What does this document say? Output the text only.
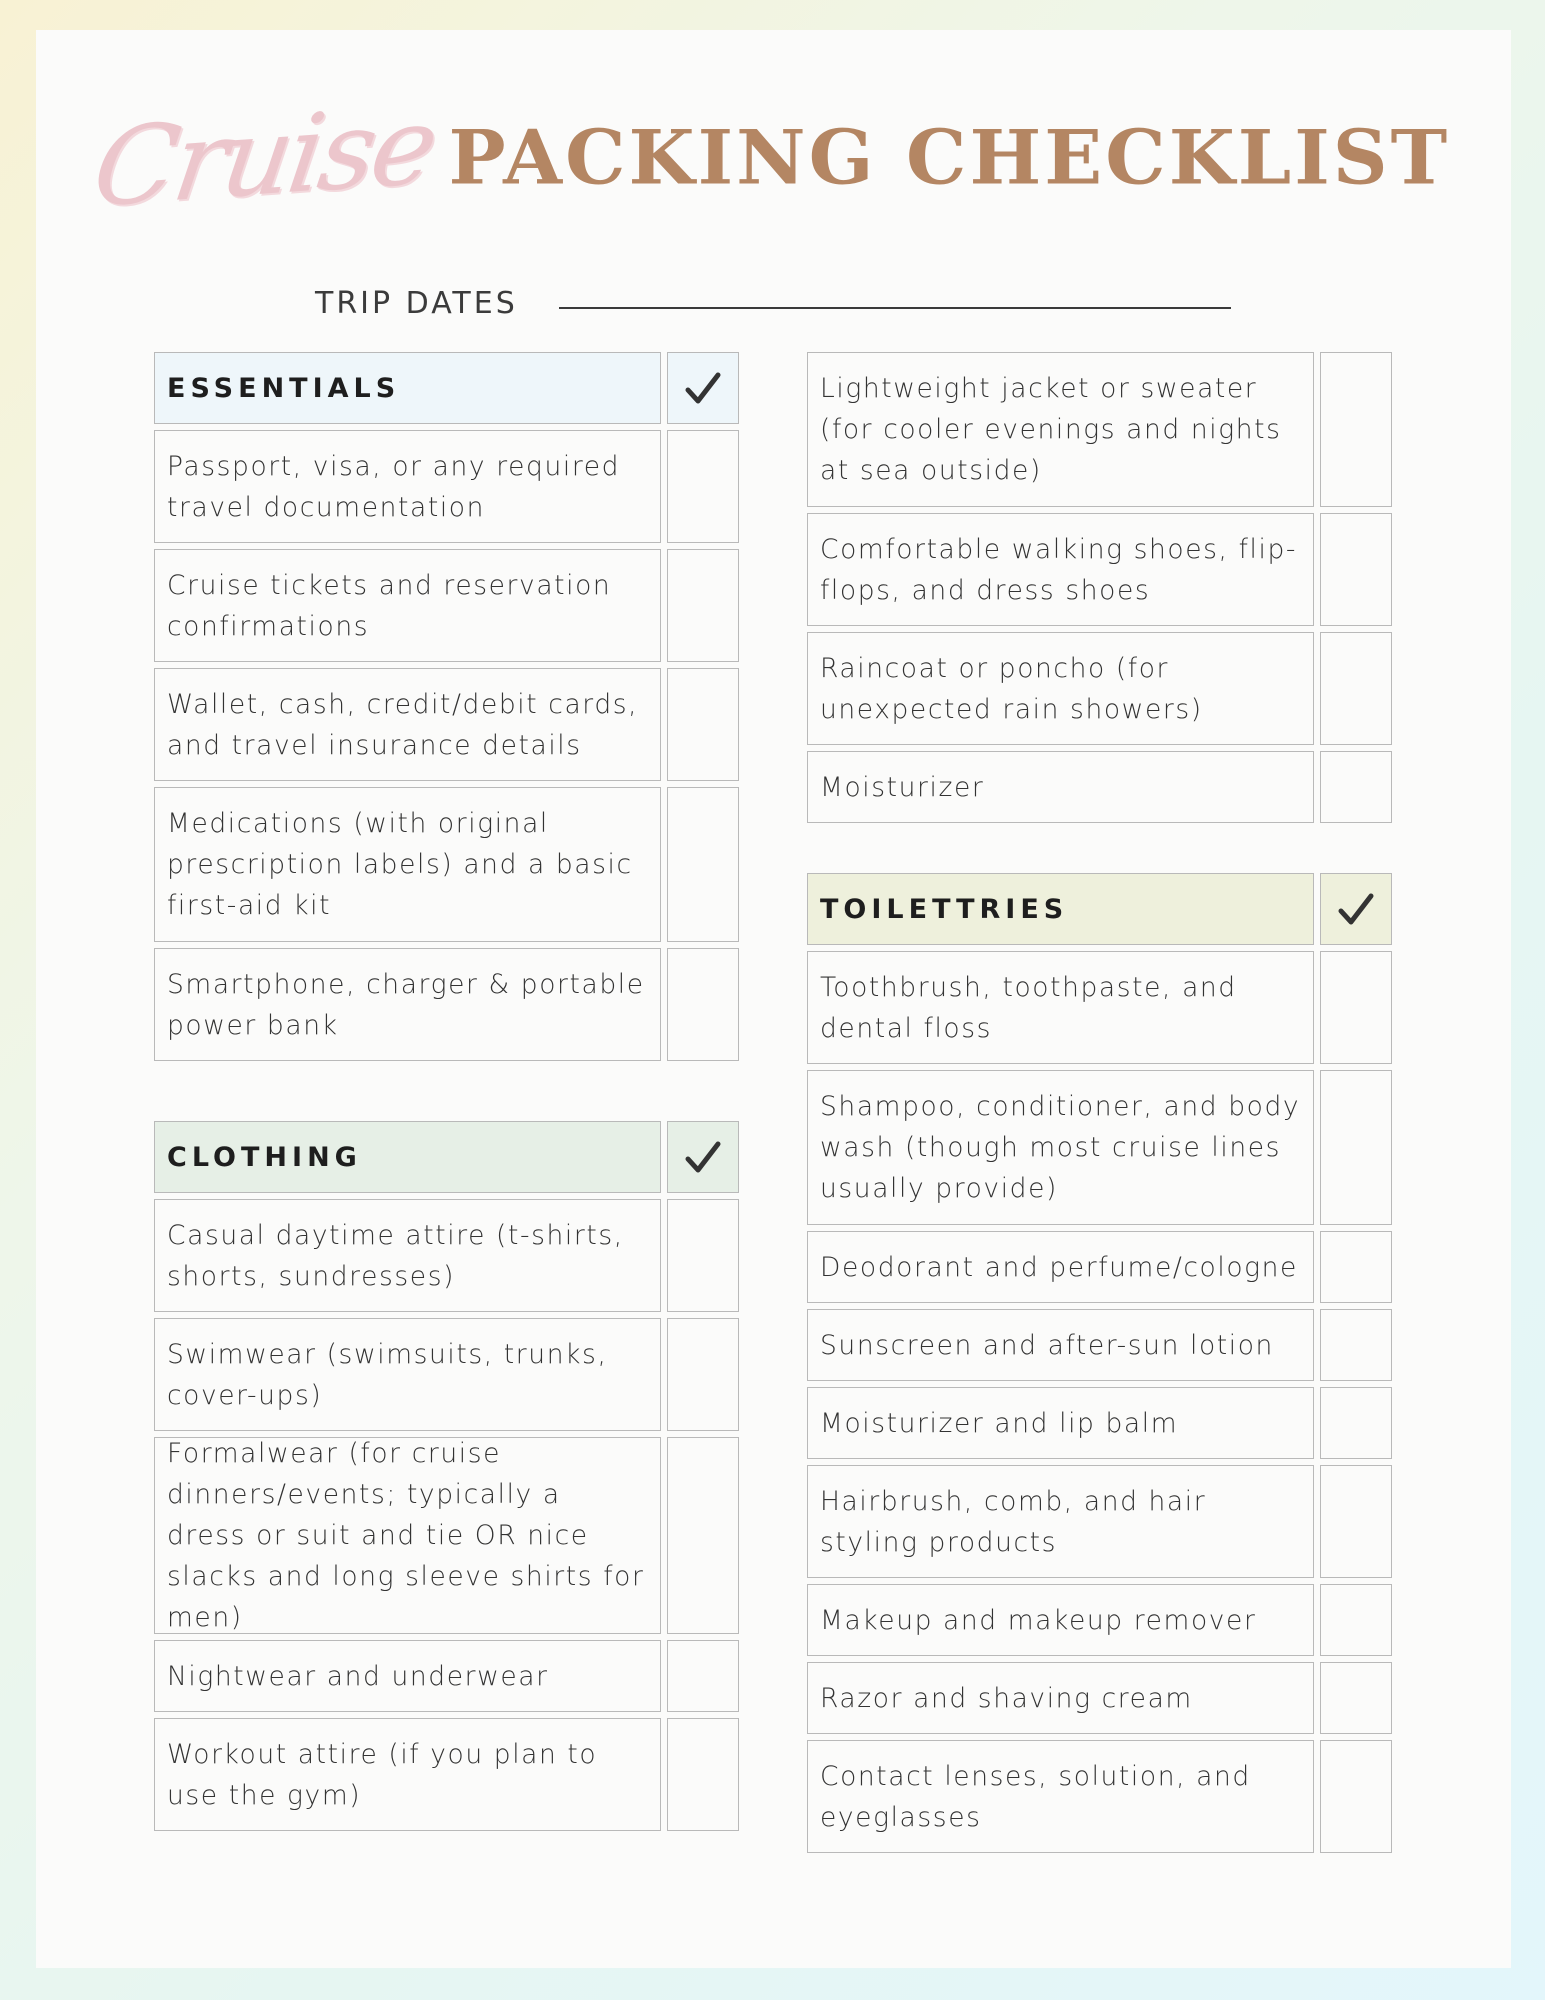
Cruise PACKING CHECKLIST
TRIP DATES
ESSENTIALS
Passport, visa, or any required travel documentation
Cruise tickets and reservation confirmations
Wallet, cash, credit/debit cards, and travel insurance details
Medications (with original prescription labels) and a basic first-aid kit
Smartphone, charger & portable power bank
CLOTHING
Casual daytime attire (t-shirts, shorts, sundresses)
Swimwear (swimsuits, trunks, cover-ups)
Formalwear (for cruise dinners/events; typically a dress or suit and tie OR nice slacks and long sleeve shirts for men)
Nightwear and underwear
Workout attire (if you plan to use the gym)
Lightweight jacket or sweater (for cooler evenings and nights at sea outside)
Comfortable walking shoes, flip-flops, and dress shoes
Raincoat or poncho (for unexpected rain showers)
Moisturizer
TOILETTRIES
Toothbrush, toothpaste, and dental floss
Shampoo, conditioner, and body wash (though most cruise lines usually provide)
Deodorant and perfume/cologne
Sunscreen and after-sun lotion
Moisturizer and lip balm
Hairbrush, comb, and hair styling products
Makeup and makeup remover
Razor and shaving cream
Contact lenses, solution, and eyeglasses
